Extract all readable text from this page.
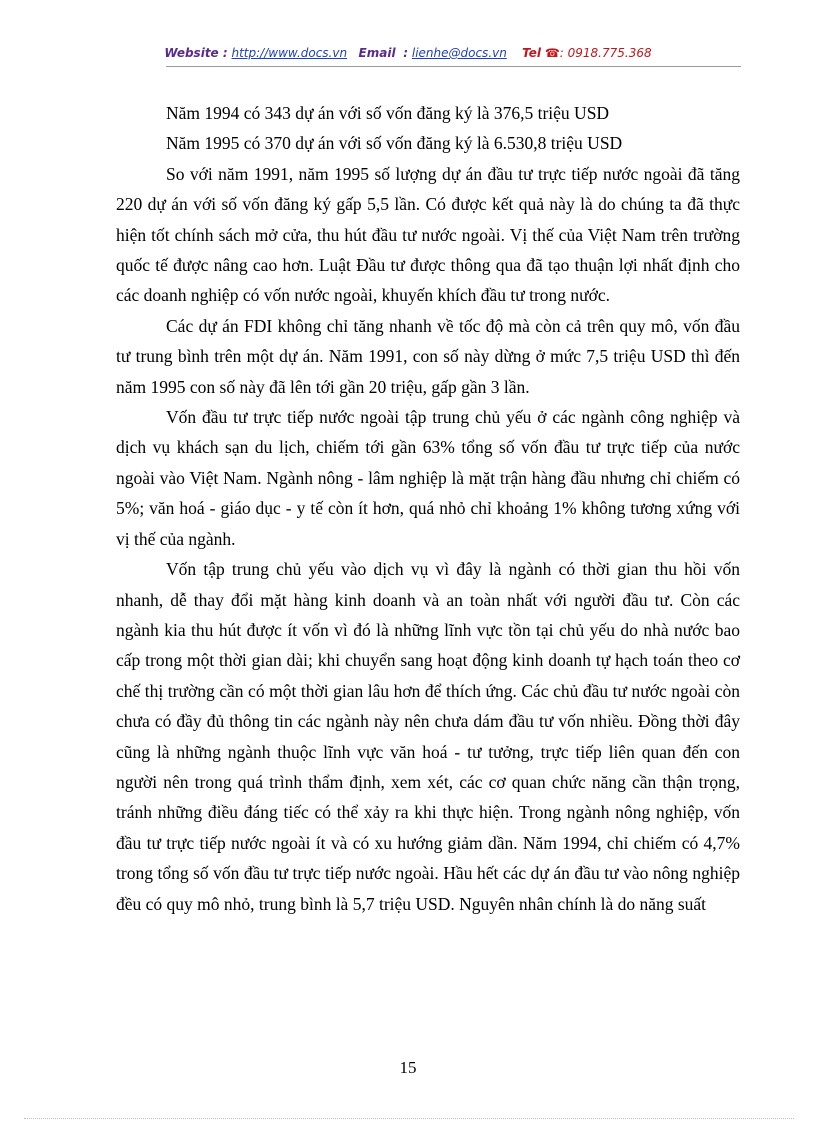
Website : http://www.docs.vn Email : lienhe@docs.vn Tel ☎: 0918.775.368

Năm 1994 có 343 dự án với số vốn đăng ký là 376,5 triệu USD

Năm 1995 có 370 dự án với số vốn đăng ký là 6.530,8 triệu USD

So với năm 1991, năm 1995 số lượng dự án đầu tư trực tiếp nước ngoài đã tăng 220 dự án với số vốn đăng ký gấp 5,5 lần. Có được kết quả này là do chúng ta đã thực hiện tốt chính sách mở cửa, thu hút đầu tư nước ngoài. Vị thế của Việt Nam trên trường quốc tế được nâng cao hơn. Luật Đầu tư được thông qua đã tạo thuận lợi nhất định cho các doanh nghiệp có vốn nước ngoài, khuyến khích đầu tư trong nước.

Các dự án FDI không chỉ tăng nhanh về tốc độ mà còn cả trên quy mô, vốn đầu tư trung bình trên một dự án. Năm 1991, con số này dừng ở mức 7,5 triệu USD thì đến năm 1995 con số này đã lên tới gần 20 triệu, gấp gần 3 lần.

Vốn đầu tư trực tiếp nước ngoài tập trung chủ yếu ở các ngành công nghiệp và dịch vụ khách sạn du lịch, chiếm tới gần 63% tổng số vốn đầu tư trực tiếp của nước ngoài vào Việt Nam. Ngành nông - lâm nghiệp là mặt trận hàng đầu nhưng chỉ chiếm có 5%; văn hoá - giáo dục - y tế còn ít hơn, quá nhỏ chỉ khoảng 1% không tương xứng với vị thế của ngành.

Vốn tập trung chủ yếu vào dịch vụ vì đây là ngành có thời gian thu hồi vốn nhanh, dễ thay đổi mặt hàng kinh doanh và an toàn nhất với người đầu tư. Còn các ngành kia thu hút được ít vốn vì đó là những lĩnh vực tồn tại chủ yếu do nhà nước bao cấp trong một thời gian dài; khi chuyển sang hoạt động kinh doanh tự hạch toán theo cơ chế thị trường cần có một thời gian lâu hơn để thích ứng. Các chủ đầu tư nước ngoài còn chưa có đầy đủ thông tin các ngành này nên chưa dám đầu tư vốn nhiều. Đồng thời đây cũng là những ngành thuộc lĩnh vực văn hoá - tư tưởng, trực tiếp liên quan đến con người nên trong quá trình thẩm định, xem xét, các cơ quan chức năng cần thận trọng, tránh những điều đáng tiếc có thể xảy ra khi thực hiện. Trong ngành nông nghiệp, vốn đầu tư trực tiếp nước ngoài ít và có xu hướng giảm dần. Năm 1994, chỉ chiếm có 4,7% trong tổng số vốn đầu tư trực tiếp nước ngoài. Hầu hết các dự án đầu tư vào nông nghiệp đều có quy mô nhỏ, trung bình là 5,7 triệu USD. Nguyên nhân chính là do năng suất

15
